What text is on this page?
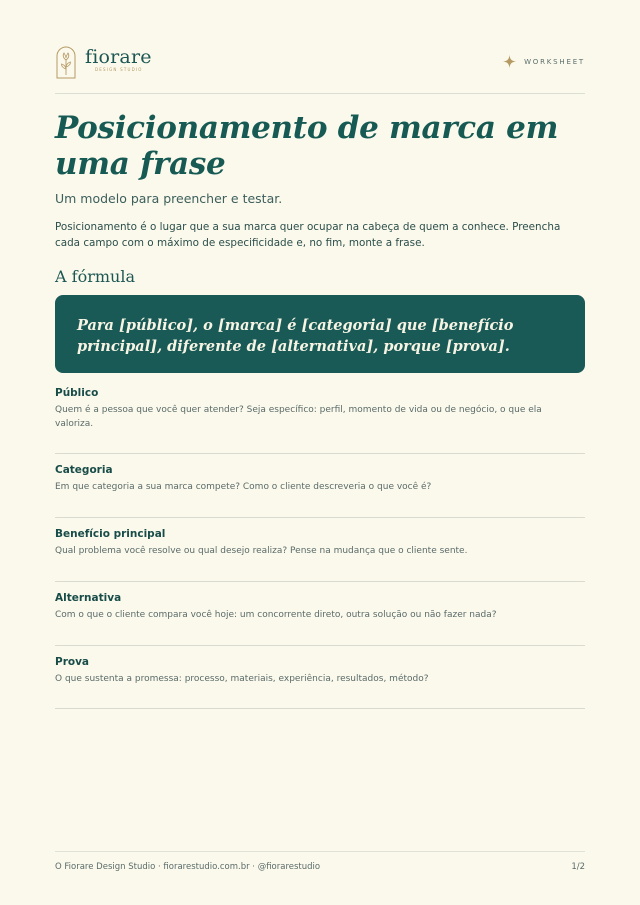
fiorare
DESIGN STUDIO
WORKSHEET
Posicionamento de marca em uma frase

Um modelo para preencher e testar.

Posicionamento é o lugar que a sua marca quer ocupar na cabeça de quem a conhece. Preencha cada campo com o máximo de especificidade e, no fim, monte a frase.

A fórmula

Para [público], o [marca] é [categoria] que [benefício principal], diferente de [alternativa], porque [prova].

Público

Quem é a pessoa que você quer atender? Seja específico: perfil, momento de vida ou de negócio, o que ela valoriza.

Categoria

Em que categoria a sua marca compete? Como o cliente descreveria o que você é?

Benefício principal

Qual problema você resolve ou qual desejo realiza? Pense na mudança que o cliente sente.

Alternativa

Com o que o cliente compara você hoje: um concorrente direto, outra solução ou não fazer nada?

Prova

O que sustenta a promessa: processo, materiais, experiência, resultados, método?

O Fiorare Design Studio · fiorarestudio.com.br · @fiorarestudio	1/2
